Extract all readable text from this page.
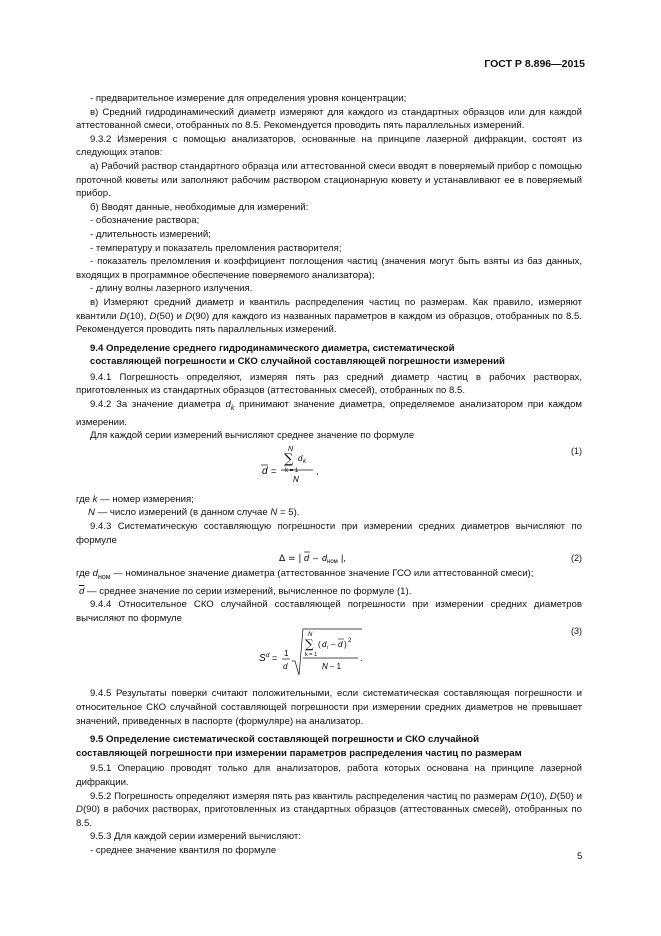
ГОСТ Р 8.896—2015

- предварительное измерение для определения уровня концентрации;

в) Средний гидродинамический диаметр измеряют для каждого из стандартных образцов или для каждой аттестованной смеси, отобранных по 8.5. Рекомендуется проводить пять параллельных измерений.

9.3.2 Измерения с помощью анализаторов, основанные на принципе лазерной дифракции, состоят из следующих этапов:

а) Рабочий раствор стандартного образца или аттестованной смеси вводят в поверяемый прибор с помощью проточной кюветы или заполняют рабочим раствором стационарную кювету и устанавливают ее в поверяемый прибор.

б) Вводят данные, необходимые для измерений:

- обозначение раствора;

- длительность измерений;

- температуру и показатель преломления растворителя;

- показатель преломления и коэффициент поглощения частиц (значения могут быть взяты из баз данных, входящих в программное обеспечение поверяемого анализатора);

- длину волны лазерного излучения.

в) Измеряют средний диаметр и квантиль распределения частиц по размерам. Как правило, измеряют квантили D(10), D(50) и D(90) для каждого из названных параметров в каждом из образцов, отобранных по 8.5. Рекомендуется проводить пять параллельных измерений.

9.4 Определение среднего гидродинамического диаметра, систематической
составляющей погрешности и СКО случайной составляющей погрешности измерений

9.4.1 Погрешность определяют, измеряя пять раз средний диаметр частиц в рабочих растворах, приготовленных из стандартных образцов (аттестованных смесей), отобранных по 8.5.

9.4.2 За значение диаметра $d_k$ принимают значение диаметра, определяемое анализатором при каждом измерении.

Для каждой серии измерений вычисляют среднее значение по формуле

N
∑ d k
k = 1
d =
N
,
(1)

где k — номер измерения;

N — число измерений (в данном случае N = 5).

9.4.3 Систематическую составляющую погрешности при измерении средних диаметров вычисляют по формуле

Δ = | d – d ном |,	(2)

где $d_{ном}$ — номинальное значение диаметра (аттестованное значение ГСО или аттестованной смеси);

$\overline{d}$ — среднее значение по серии измерений, вычисленное по формуле (1).

9.4.4 Относительное СКО случайной составляющей погрешности при измерении средних диаметров вычисляют по формуле

S d = 1
d
N
∑ ( d i – d ) 2
k = 1
N – 1
.
(3)

9.4.5 Результаты поверки считают положительными, если систематическая составляющая погрешности и относительное СКО случайной составляющей погрешности при измерении средних диаметров не превышает значений, приведенных в паспорте (формуляре) на анализатор.

9.5 Определение систематической составляющей погрешности и СКО случайной
составляющей погрешности при измерении параметров распределения частиц по размерам

9.5.1 Операцию проводят только для анализаторов, работа которых основана на принципе лазерной дифракции.

9.5.2 Погрешность определяют измеряя пять раз квантиль распределения частиц по размерам D(10), D(50) и D(90) в рабочих растворах, приготовленных из стандартных образцов (аттестованных смесей), отобранных по 8.5.

9.5.3 Для каждой серии измерений вычисляют:

- среднее значение квантиля по формуле

5
